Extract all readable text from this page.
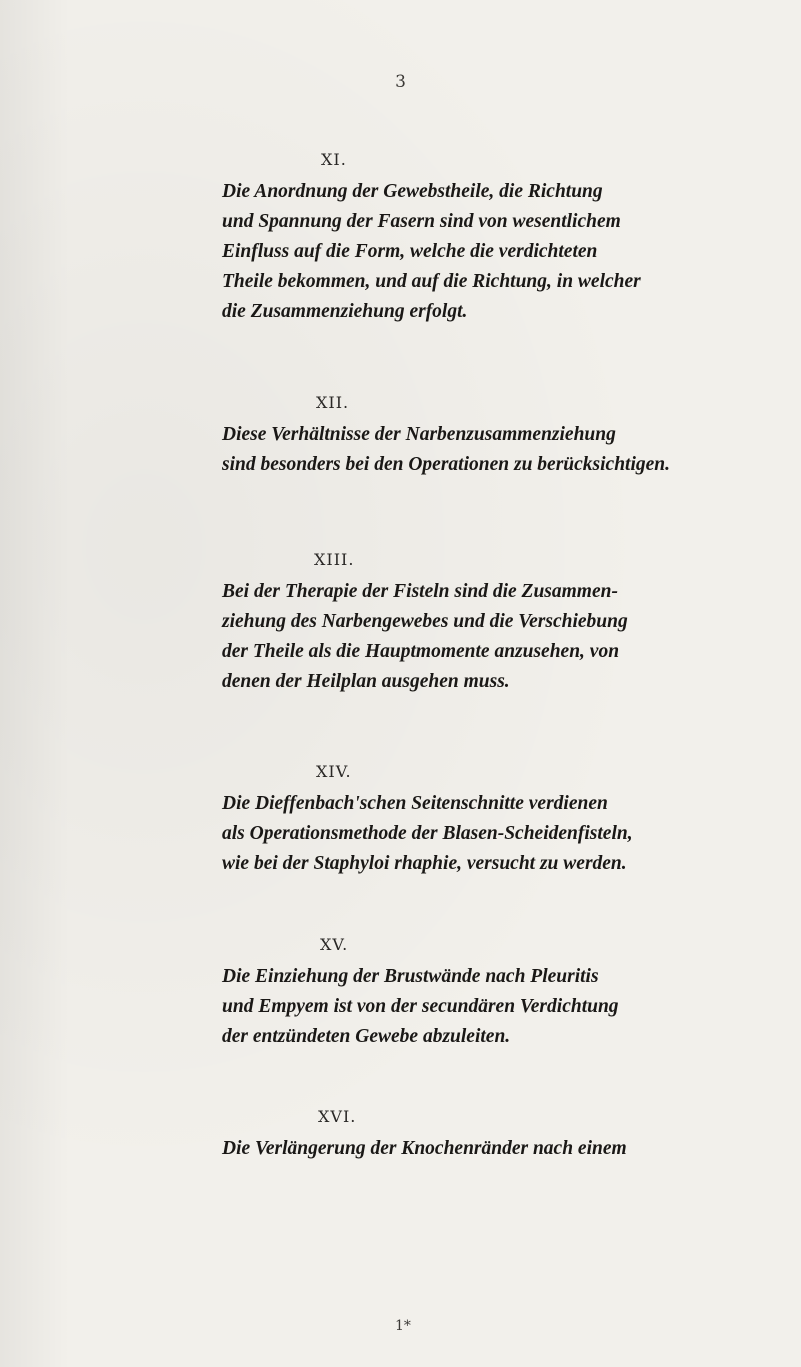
3
XI.
Die Anordnung der Gewebstheile, die Richtung
und Spannung der Fasern sind von wesentlichem
Einfluss auf die Form, welche die verdichteten
Theile bekommen, und auf die Richtung, in welcher
die Zusammenziehung erfolgt.
XII.
Diese Verhältnisse der Narbenzusammenziehung
sind besonders bei den Operationen zu berücksichtigen.
XIII.
Bei der Therapie der Fisteln sind die Zusammen-
ziehung des Narbengewebes und die Verschiebung
der Theile als die Hauptmomente anzusehen, von
denen der Heilplan ausgehen muss.
XIV.
Die Dieffenbach'schen Seitenschnitte verdienen
als Operationsmethode der Blasen-Scheidenfisteln,
wie bei der Staphyloi rhaphie, versucht zu werden.
XV.
Die Einziehung der Brustwände nach Pleuritis
und Empyem ist von der secundären Verdichtung
der entzündeten Gewebe abzuleiten.
XVI.
Die Verlängerung der Knochenränder nach einem
1*
